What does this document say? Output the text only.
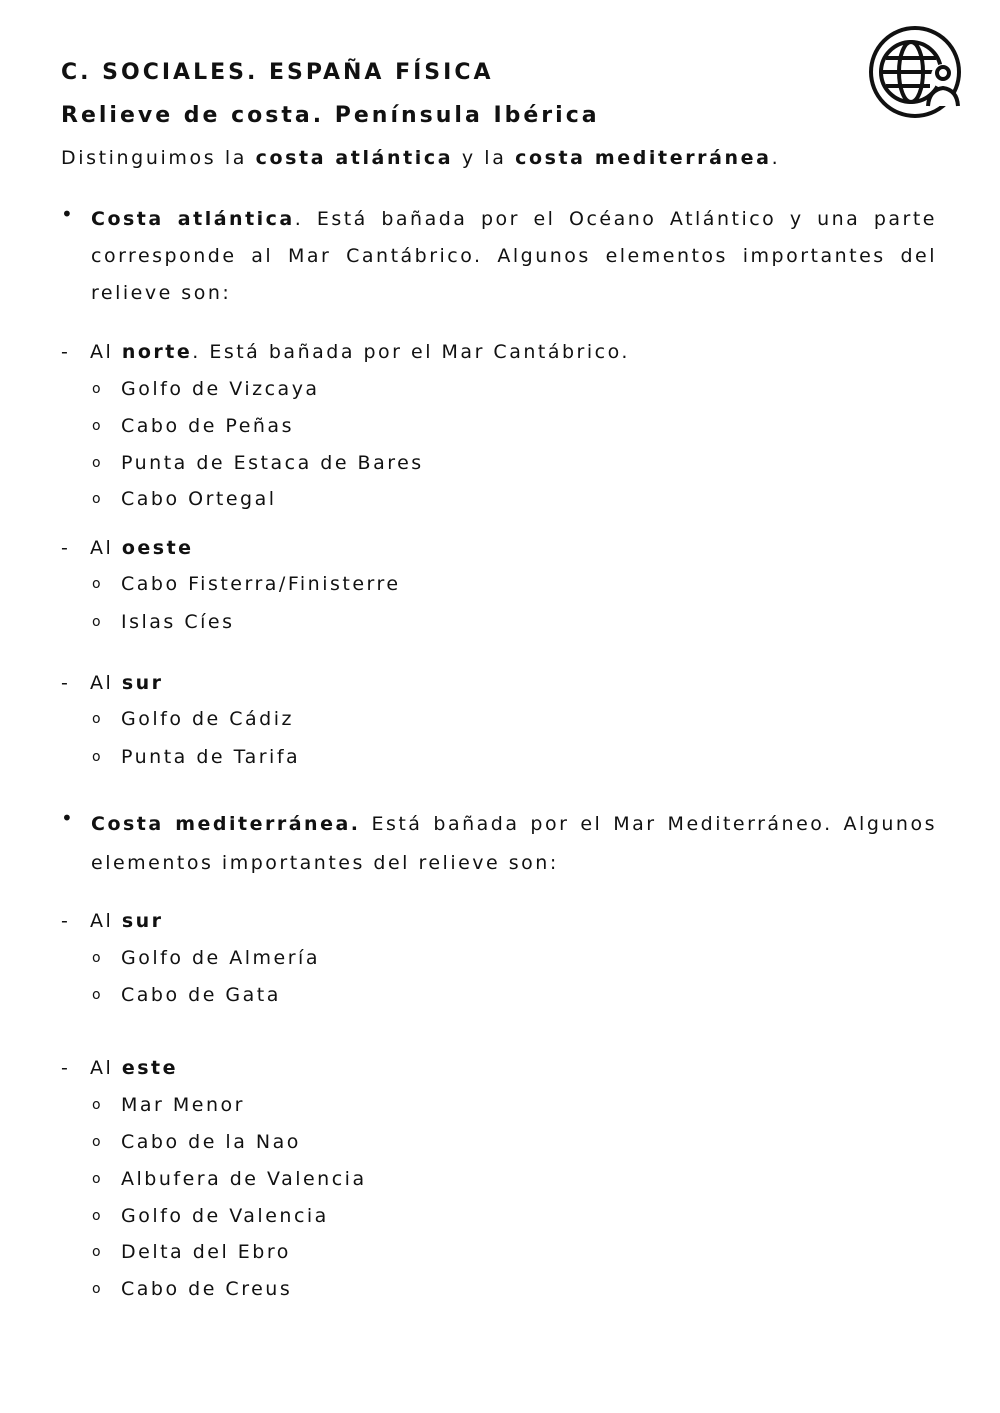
C. SOCIALES. ESPAÑA FÍSICA
Relieve de costa. Península Ibérica
Distinguimos la costa atlántica y la costa mediterránea.
• Costa atlántica. Está bañada por el Océano Atlántico y una parte corresponde al Mar Cantábrico. Algunos elementos importantes del relieve son:
- Al norte. Está bañada por el Mar Cantábrico.
o Golfo de Vizcaya
o Cabo de Peñas
o Punta de Estaca de Bares
o Cabo Ortegal
- Al oeste
o Cabo Fisterra/Finisterre
o Islas Cíes
- Al sur
o Golfo de Cádiz
o Punta de Tarifa
• Costa mediterránea. Está bañada por el Mar Mediterráneo. Algunos elementos importantes del relieve son:
- Al sur
o Golfo de Almería
o Cabo de Gata
- Al este
o Mar Menor
o Cabo de la Nao
o Albufera de Valencia
o Golfo de Valencia
o Delta del Ebro
o Cabo de Creus
